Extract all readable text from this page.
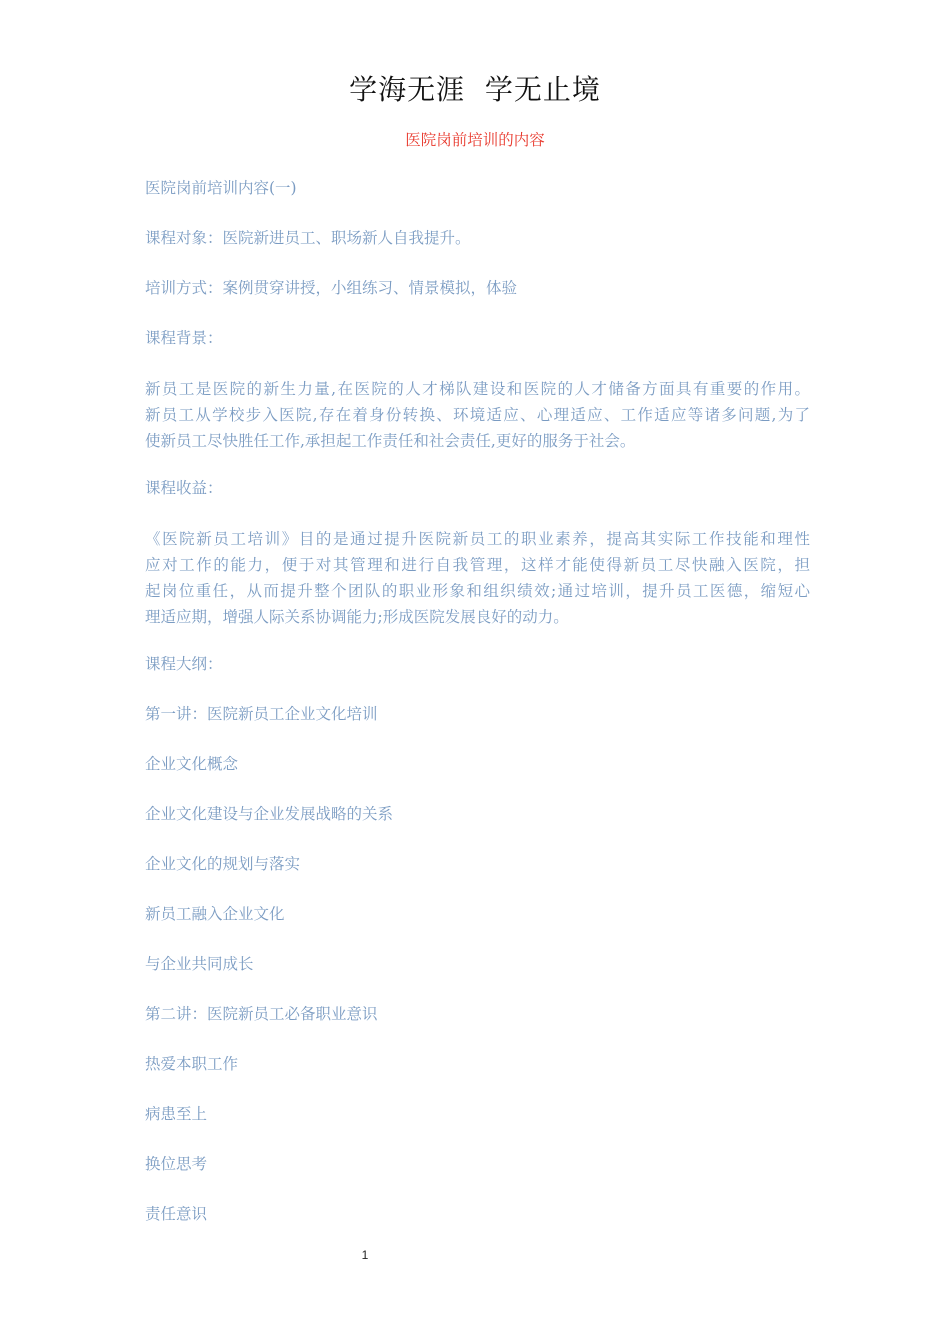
学海无涯  学无止境
医院岗前培训的内容

医院岗前培训内容(一)

课程对象：医院新进员工、职场新人自我提升。

培训方式：案例贯穿讲授，小组练习、情景模拟，体验

课程背景：

新员工是医院的新生力量,在医院的人才梯队建设和医院的人才储备方面具有重要的作用。
新员工从学校步入医院,存在着身份转换、环境适应、心理适应、工作适应等诸多问题,为了
使新员工尽快胜任工作,承担起工作责任和社会责任,更好的服务于社会。

课程收益：

《医院新员工培训》目的是通过提升医院新员工的职业素养，提高其实际工作技能和理性
应对工作的能力，便于对其管理和进行自我管理，这样才能使得新员工尽快融入医院，担
起岗位重任，从而提升整个团队的职业形象和组织绩效;通过培训，提升员工医德，缩短心
理适应期，增强人际关系协调能力;形成医院发展良好的动力。

课程大纲：

第一讲：医院新员工企业文化培训

企业文化概念

企业文化建设与企业发展战略的关系

企业文化的规划与落实

新员工融入企业文化

与企业共同成长

第二讲：医院新员工必备职业意识

热爱本职工作

病患至上

换位思考

责任意识

1
